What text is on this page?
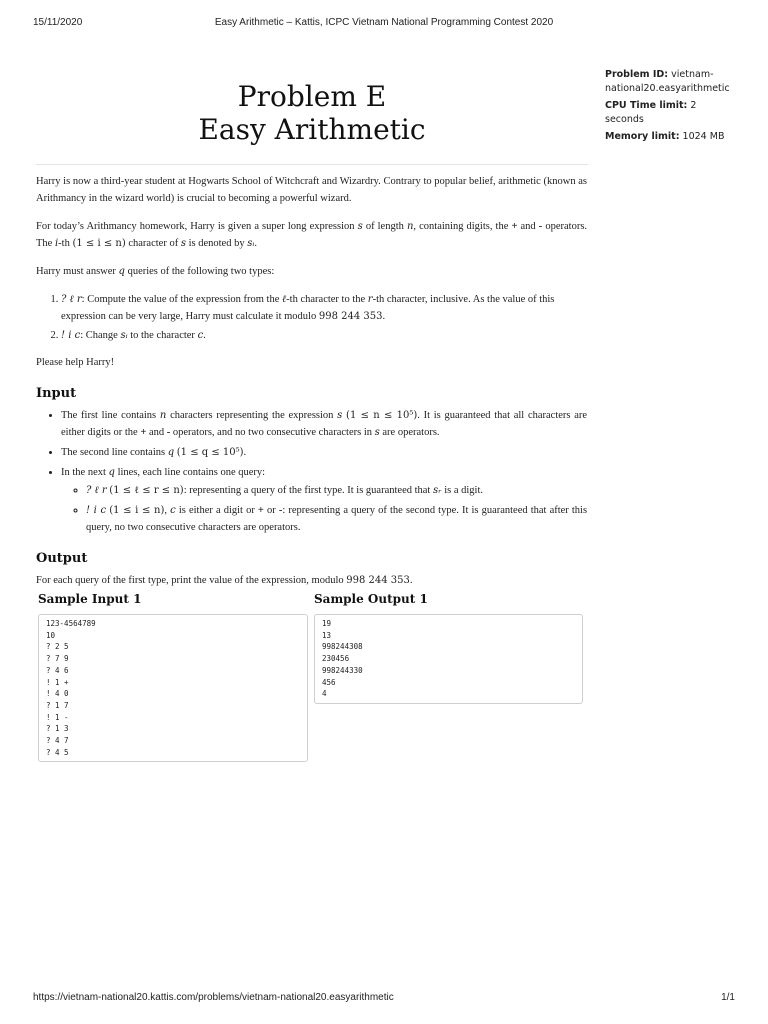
15/11/2020	Easy Arithmetic – Kattis, ICPC Vietnam National Programming Contest 2020
Problem E
Easy Arithmetic
Problem ID: vietnam-national20.easyarithmetic
CPU Time limit: 2 seconds
Memory limit: 1024 MB

Harry is now a third-year student at Hogwarts School of Witchcraft and Wizardry. Contrary to popular belief, arithmetic (known as Arithmancy in the wizard world) is crucial to becoming a powerful wizard.

For today’s Arithmancy homework, Harry is given a super long expression s of length n, containing digits, the + and - operators. The i-th (1 ≤ i ≤ n) character of s is denoted by sᵢ.

Harry must answer q queries of the following two types:

1. ? ℓ r: Compute the value of the expression from the ℓ-th character to the r-th character, inclusive. As the value of this expression can be very large, Harry must calculate it modulo 998 244 353.
2. ! i c: Change sᵢ to the character c.

Please help Harry!

Input
• The first line contains n characters representing the expression s (1 ≤ n ≤ 10⁵). It is guaranteed that all characters are either digits or the + and - operators, and no two consecutive characters in s are operators.
• The second line contains q (1 ≤ q ≤ 10⁵).
• In the next q lines, each line contains one query:
◦ ? ℓ r (1 ≤ ℓ ≤ r ≤ n): representing a query of the first type. It is guaranteed that sᵣ is a digit.
◦ ! i c (1 ≤ i ≤ n), c is either a digit or + or -: representing a query of the second type. It is guaranteed that after this query, no two consecutive characters are operators.
Output

For each query of the first type, print the value of the expression, modulo 998 244 353.

Sample Input 1
123-4564789
10
? 2 5
? 7 9
? 4 6
! 1 +
! 4 0
? 1 7
! 1 -
? 1 3
? 4 7
? 4 5
Sample Output 1
19
13
998244308
230456
998244330
456
4
https://vietnam-national20.kattis.com/problems/vietnam-national20.easyarithmetic	1/1
